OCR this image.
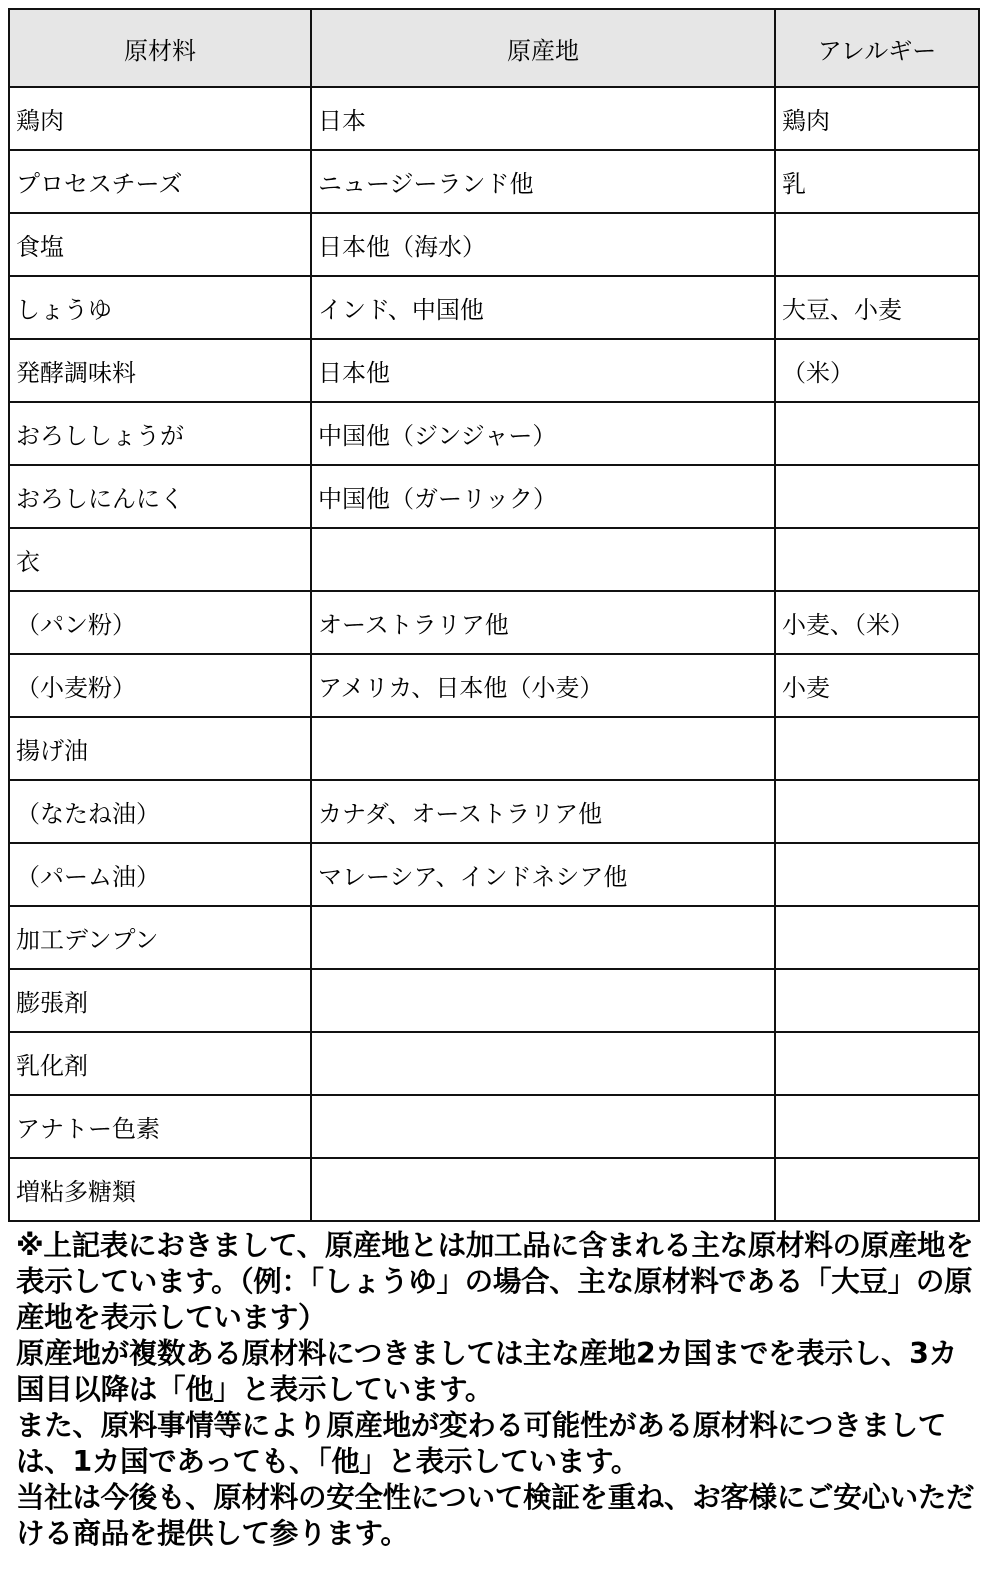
原材料	原産地	アレルギー
鶏肉	日本	鶏肉
プロセスチーズ	ニュージーランド他	乳
食塩	日本他（海水）	
しょうゆ	インド、中国他	大豆、小麦
発酵調味料	日本他	（米）
おろししょうが	中国他（ジンジャー）	
おろしにんにく	中国他（ガーリック）	
衣		
（パン粉）	オーストラリア他	小麦、（米）
（小麦粉）	アメリカ、日本他（小麦）	小麦
揚げ油		
（なたね油）	カナダ、オーストラリア他	
（パーム油）	マレーシア、インドネシア他	
加工デンプン		
膨張剤		
乳化剤		
アナトー色素		
増粘多糖類		

※上記表におきまして、原産地とは加工品に含まれる主な原材料の原産地を表示しています。（例：「しょうゆ」の場合、主な原材料である「大豆」の原産地を表示しています）

原産地が複数ある原材料につきましては主な産地2カ国までを表示し、3カ国目以降は「他」と表示しています。

また、原料事情等により原産地が変わる可能性がある原材料につきましては、1カ国であっても、「他」と表示しています。

当社は今後も、原材料の安全性について検証を重ね、お客様にご安心いただける商品を提供して参ります。
